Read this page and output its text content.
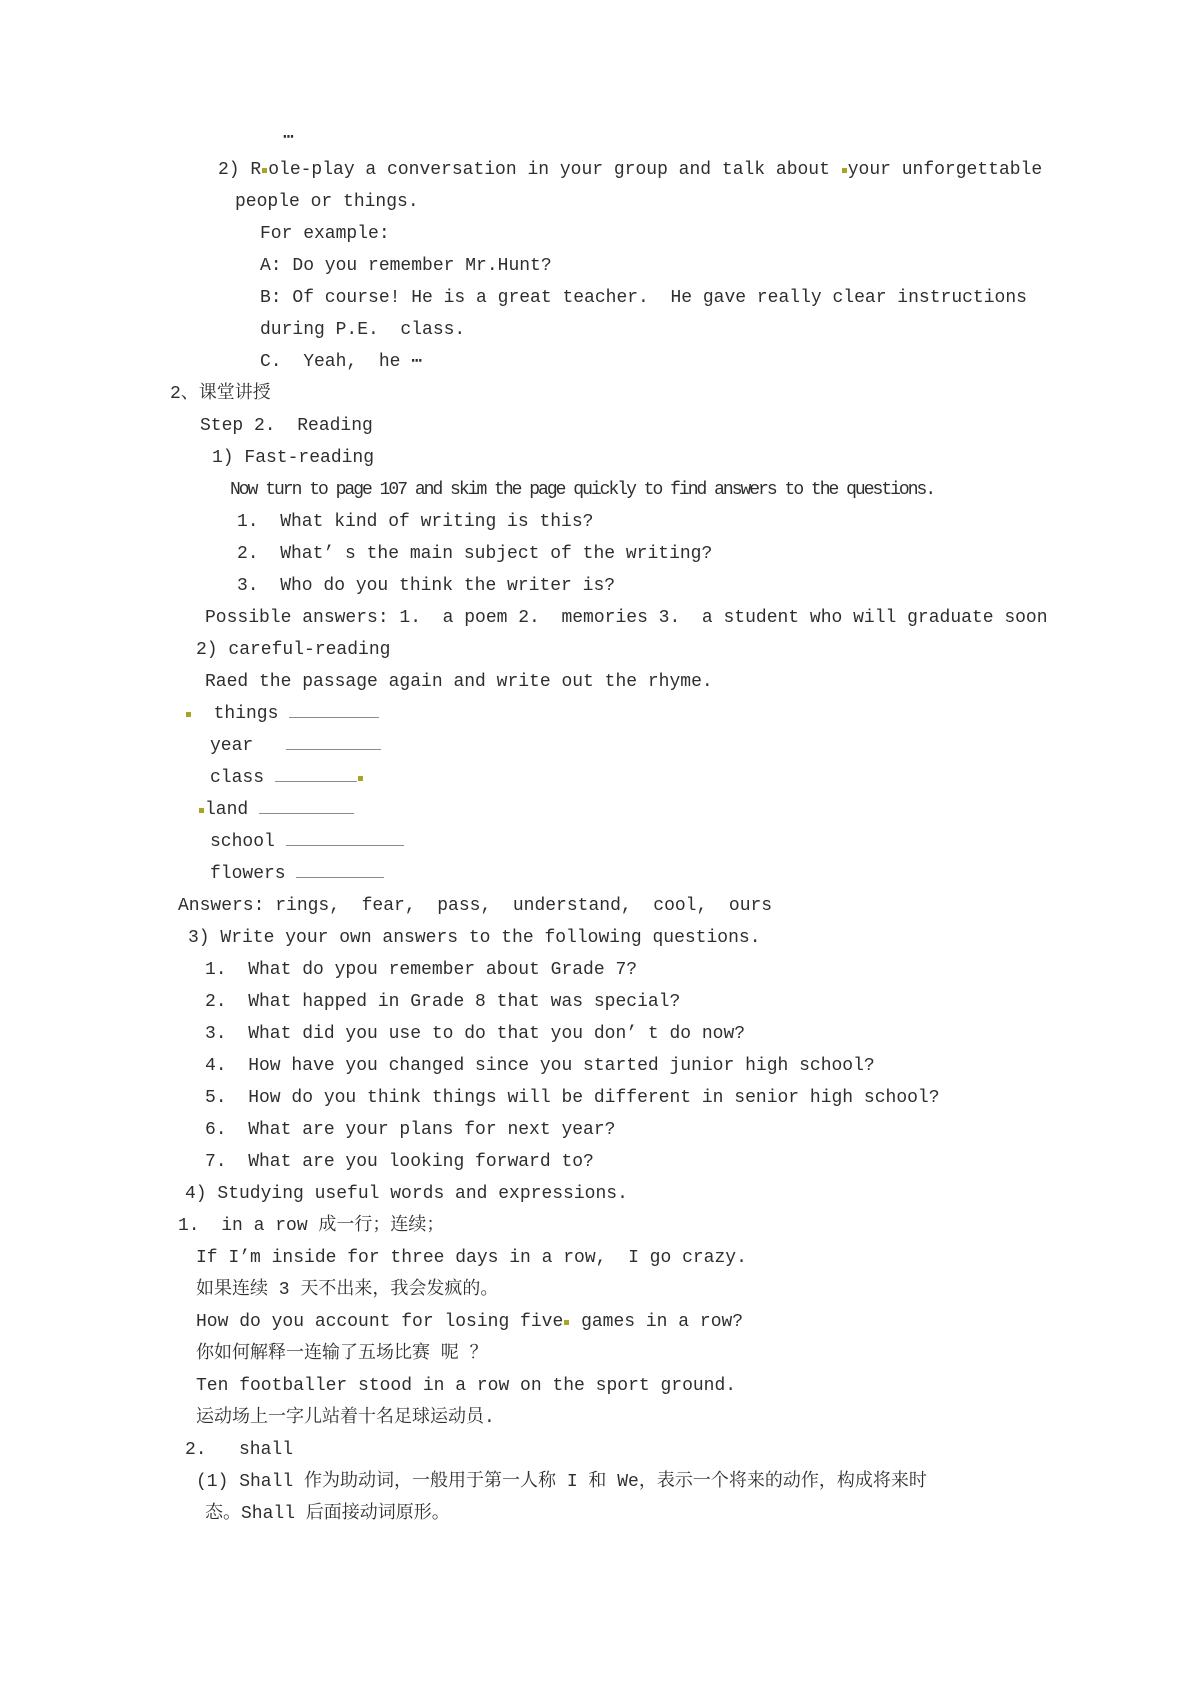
⋯
2) R ole-play a conversation in your group and talk about your unforgettable
people or things.
For example:
A: Do you remember Mr.Hunt?
B: Of course! He is a great teacher.  He gave really clear instructions
during P.E.  class.
C.  Yeah,  he ⋯
2、课堂讲授
Step 2.  Reading
1) Fast-reading
Now turn to page 107 and skim the page quickly to find answers to the questions.
1.  What kind of writing is this?
2.  What’ s the main subject of the writing?
3.  Who do you think the writer is?
Possible answers: 1.  a poem 2.  memories 3.  a student who will graduate soon
2) careful-reading
Raed the passage again and write out the rhyme.
things
year
class
land
school
flowers
Answers: rings,  fear,  pass,  understand,  cool,  ours
3) Write your own answers to the following questions.
1.  What do ypou remember about Grade 7?
2.  What happed in Grade 8 that was special?
3.  What did you use to do that you don’ t do now?
4.  How have you changed since you started junior high school?
5.  How do you think things will be different in senior high school?
6.  What are your plans for next year?
7.  What are you looking forward to?
4) Studying useful words and expressions.
1.  in a row 成一行；连续；
If I’m inside for three days in a row,  I go crazy.
如果连续 3 天不出来，我会发疯的。
How do you account for losing five games in a row?
你如何解释一连输了五场比赛 呢 ？
Ten footballer stood in a row on the sport ground.
运动场上一字儿站着十名足球运动员.
2.   shall
(1) Shall 作为助动词，一般用于第一人称 I 和 We，表示一个将来的动作，构成将来时
态。Shall 后面接动词原形。
